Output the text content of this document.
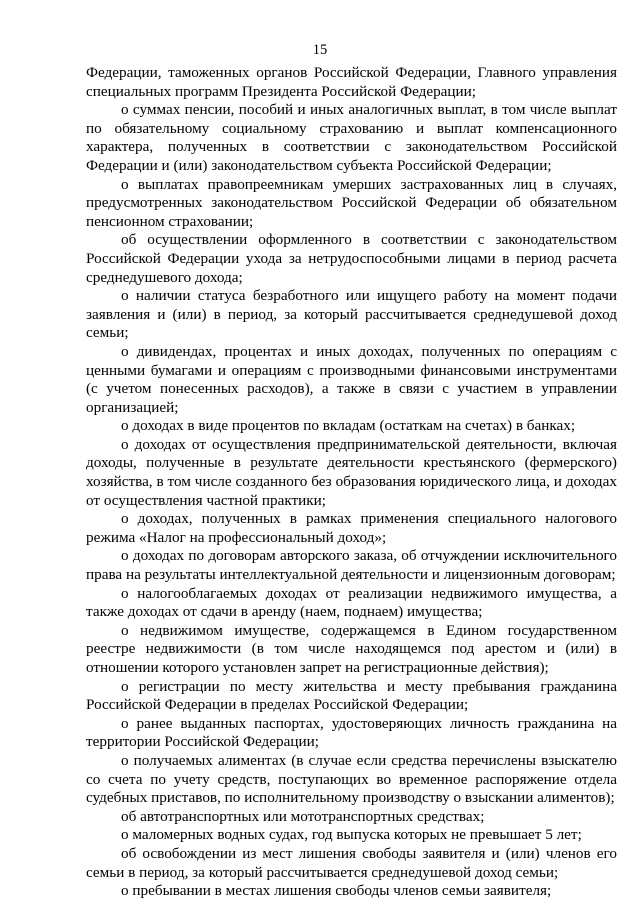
15

Федерации, таможенных органов Российской Федерации, Главного управления специальных программ Президента Российской Федерации;

о суммах пенсии, пособий и иных аналогичных выплат, в том числе выплат по обязательному социальному страхованию и выплат компенсационного характера, полученных в соответствии с законодательством Российской Федерации и (или) законодательством субъекта Российской Федерации;

о выплатах правопреемникам умерших застрахованных лиц в случаях, предусмотренных законодательством Российской Федерации об обязательном пенсионном страховании;

об осуществлении оформленного в соответствии с законодательством Российской Федерации ухода за нетрудоспособными лицами в период расчета среднедушевого дохода;

о наличии статуса безработного или ищущего работу на момент подачи заявления и (или) в период, за который рассчитывается среднедушевой доход семьи;

о дивидендах, процентах и иных доходах, полученных по операциям с ценными бумагами и операциям с производными финансовыми инструментами (с учетом понесенных расходов), а также в связи с участием в управлении организацией;

о доходах в виде процентов по вкладам (остаткам на счетах) в банках;

о доходах от осуществления предпринимательской деятельности, включая доходы, полученные в результате деятельности крестьянского (фермерского) хозяйства, в том числе созданного без образования юридического лица, и доходах от осуществления частной практики;

о доходах, полученных в рамках применения специального налогового режима «Налог на профессиональный доход»;

о доходах по договорам авторского заказа, об отчуждении исключительного права на результаты интеллектуальной деятельности и лицензионным договорам;

о налогооблагаемых доходах от реализации недвижимого имущества, а также доходах от сдачи в аренду (наем, поднаем) имущества;

о недвижимом имуществе, содержащемся в Едином государственном реестре недвижимости (в том числе находящемся под арестом и (или) в отношении которого установлен запрет на регистрационные действия);

о регистрации по месту жительства и месту пребывания гражданина Российской Федерации в пределах Российской Федерации;

о ранее выданных паспортах, удостоверяющих личность гражданина на территории Российской Федерации;

о получаемых алиментах (в случае если средства перечислены взыскателю со счета по учету средств, поступающих во временное распоряжение отдела судебных приставов, по исполнительному производству о взыскании алиментов);

об автотранспортных или мототранспортных средствах;

о маломерных водных судах, год выпуска которых не превышает 5 лет;

об освобождении из мест лишения свободы заявителя и (или) членов его семьи в период, за который рассчитывается среднедушевой доход семьи;

о пребывании в местах лишения свободы членов семьи заявителя;
